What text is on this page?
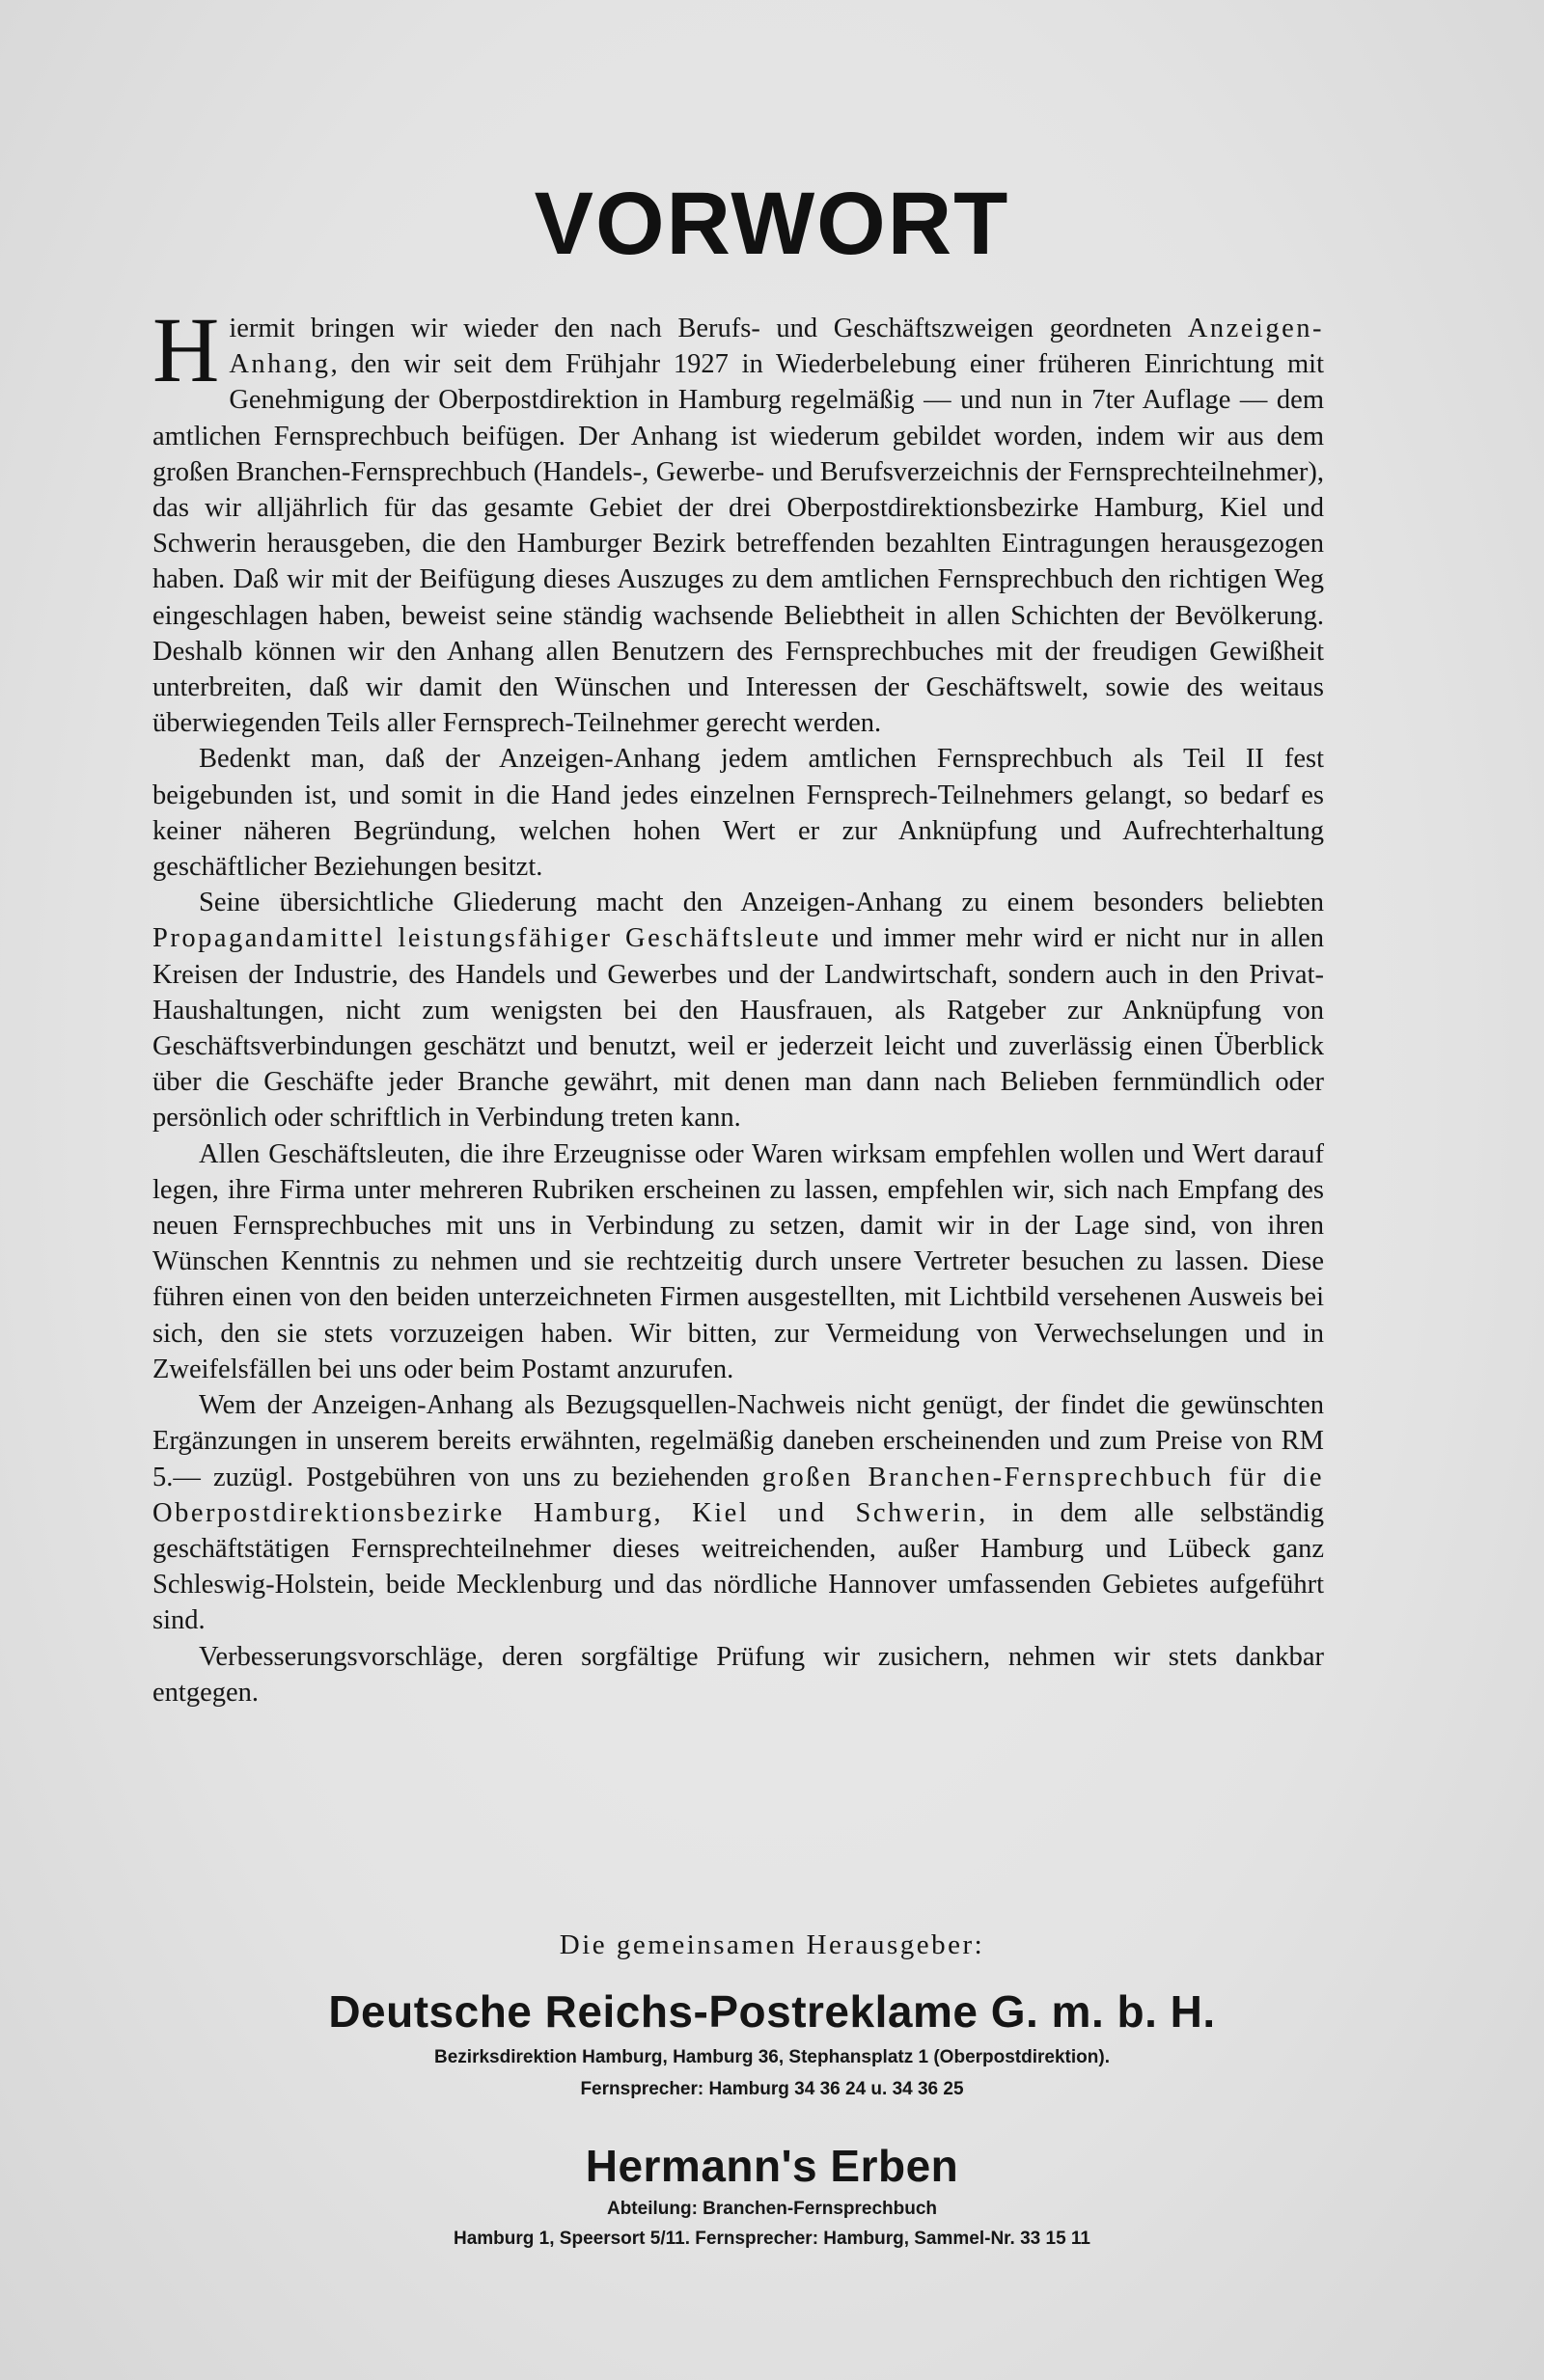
VORWORT

Hiermit bringen wir wieder den nach Berufs- und Geschäftszweigen geordneten Anzeigen-Anhang, den wir seit dem Frühjahr 1927 in Wiederbelebung einer früheren Einrichtung mit Genehmigung der Oberpostdirektion in Hamburg regelmäßig — und nun in 7ter Auflage — dem amtlichen Fernsprechbuch beifügen. Der Anhang ist wiederum gebildet worden, indem wir aus dem großen Branchen-Fernsprechbuch (Handels-, Gewerbe- und Berufsverzeichnis der Fernsprechteilnehmer), das wir alljährlich für das gesamte Gebiet der drei Oberpostdirektionsbezirke Hamburg, Kiel und Schwerin herausgeben, die den Hamburger Bezirk betreffenden bezahlten Eintragungen herausgezogen haben. Daß wir mit der Beifügung dieses Auszuges zu dem amtlichen Fernsprechbuch den richtigen Weg eingeschlagen haben, beweist seine ständig wachsende Beliebtheit in allen Schichten der Bevölkerung. Deshalb können wir den Anhang allen Benutzern des Fernsprechbuches mit der freudigen Gewißheit unterbreiten, daß wir damit den Wünschen und Interessen der Geschäftswelt, sowie des weitaus überwiegenden Teils aller Fernsprech-Teilnehmer gerecht werden.

Bedenkt man, daß der Anzeigen-Anhang jedem amtlichen Fernsprechbuch als Teil II fest beigebunden ist, und somit in die Hand jedes einzelnen Fernsprech-Teilnehmers gelangt, so bedarf es keiner näheren Begründung, welchen hohen Wert er zur Anknüpfung und Aufrechterhaltung geschäftlicher Beziehungen besitzt.

Seine übersichtliche Gliederung macht den Anzeigen-Anhang zu einem besonders beliebten Propagandamittel leistungsfähiger Geschäftsleute und immer mehr wird er nicht nur in allen Kreisen der Industrie, des Handels und Gewerbes und der Landwirtschaft, sondern auch in den Privat-Haushaltungen, nicht zum wenigsten bei den Hausfrauen, als Ratgeber zur Anknüpfung von Geschäftsverbindungen geschätzt und benutzt, weil er jederzeit leicht und zuverlässig einen Überblick über die Geschäfte jeder Branche gewährt, mit denen man dann nach Belieben fernmündlich oder persönlich oder schriftlich in Verbindung treten kann.

Allen Geschäftsleuten, die ihre Erzeugnisse oder Waren wirksam empfehlen wollen und Wert darauf legen, ihre Firma unter mehreren Rubriken erscheinen zu lassen, empfehlen wir, sich nach Empfang des neuen Fernsprechbuches mit uns in Verbindung zu setzen, damit wir in der Lage sind, von ihren Wünschen Kenntnis zu nehmen und sie rechtzeitig durch unsere Vertreter besuchen zu lassen. Diese führen einen von den beiden unterzeichneten Firmen ausgestellten, mit Lichtbild versehenen Ausweis bei sich, den sie stets vorzuzeigen haben. Wir bitten, zur Vermeidung von Verwechselungen und in Zweifelsfällen bei uns oder beim Postamt anzurufen.

Wem der Anzeigen-Anhang als Bezugsquellen-Nachweis nicht genügt, der findet die gewünschten Ergänzungen in unserem bereits erwähnten, regelmäßig daneben erscheinenden und zum Preise von RM 5.— zuzügl. Postgebühren von uns zu beziehenden großen Branchen-Fernsprechbuch für die Oberpostdirektionsbezirke Hamburg, Kiel und Schwerin, in dem alle selbständig geschäftstätigen Fernsprechteilnehmer dieses weitreichenden, außer Hamburg und Lübeck ganz Schleswig-Holstein, beide Mecklenburg und das nördliche Hannover umfassenden Gebietes aufgeführt sind.

Verbesserungsvorschläge, deren sorgfältige Prüfung wir zusichern, nehmen wir stets dankbar entgegen.

Die gemeinsamen Herausgeber:
Deutsche Reichs-Postreklame G. m. b. H.
Bezirksdirektion Hamburg, Hamburg 36, Stephansplatz 1 (Oberpostdirektion).
Fernsprecher: Hamburg 34 36 24 u. 34 36 25
Hermann's Erben
Abteilung: Branchen-Fernsprechbuch
Hamburg 1, Speersort 5/11. Fernsprecher: Hamburg, Sammel-Nr. 33 15 11
